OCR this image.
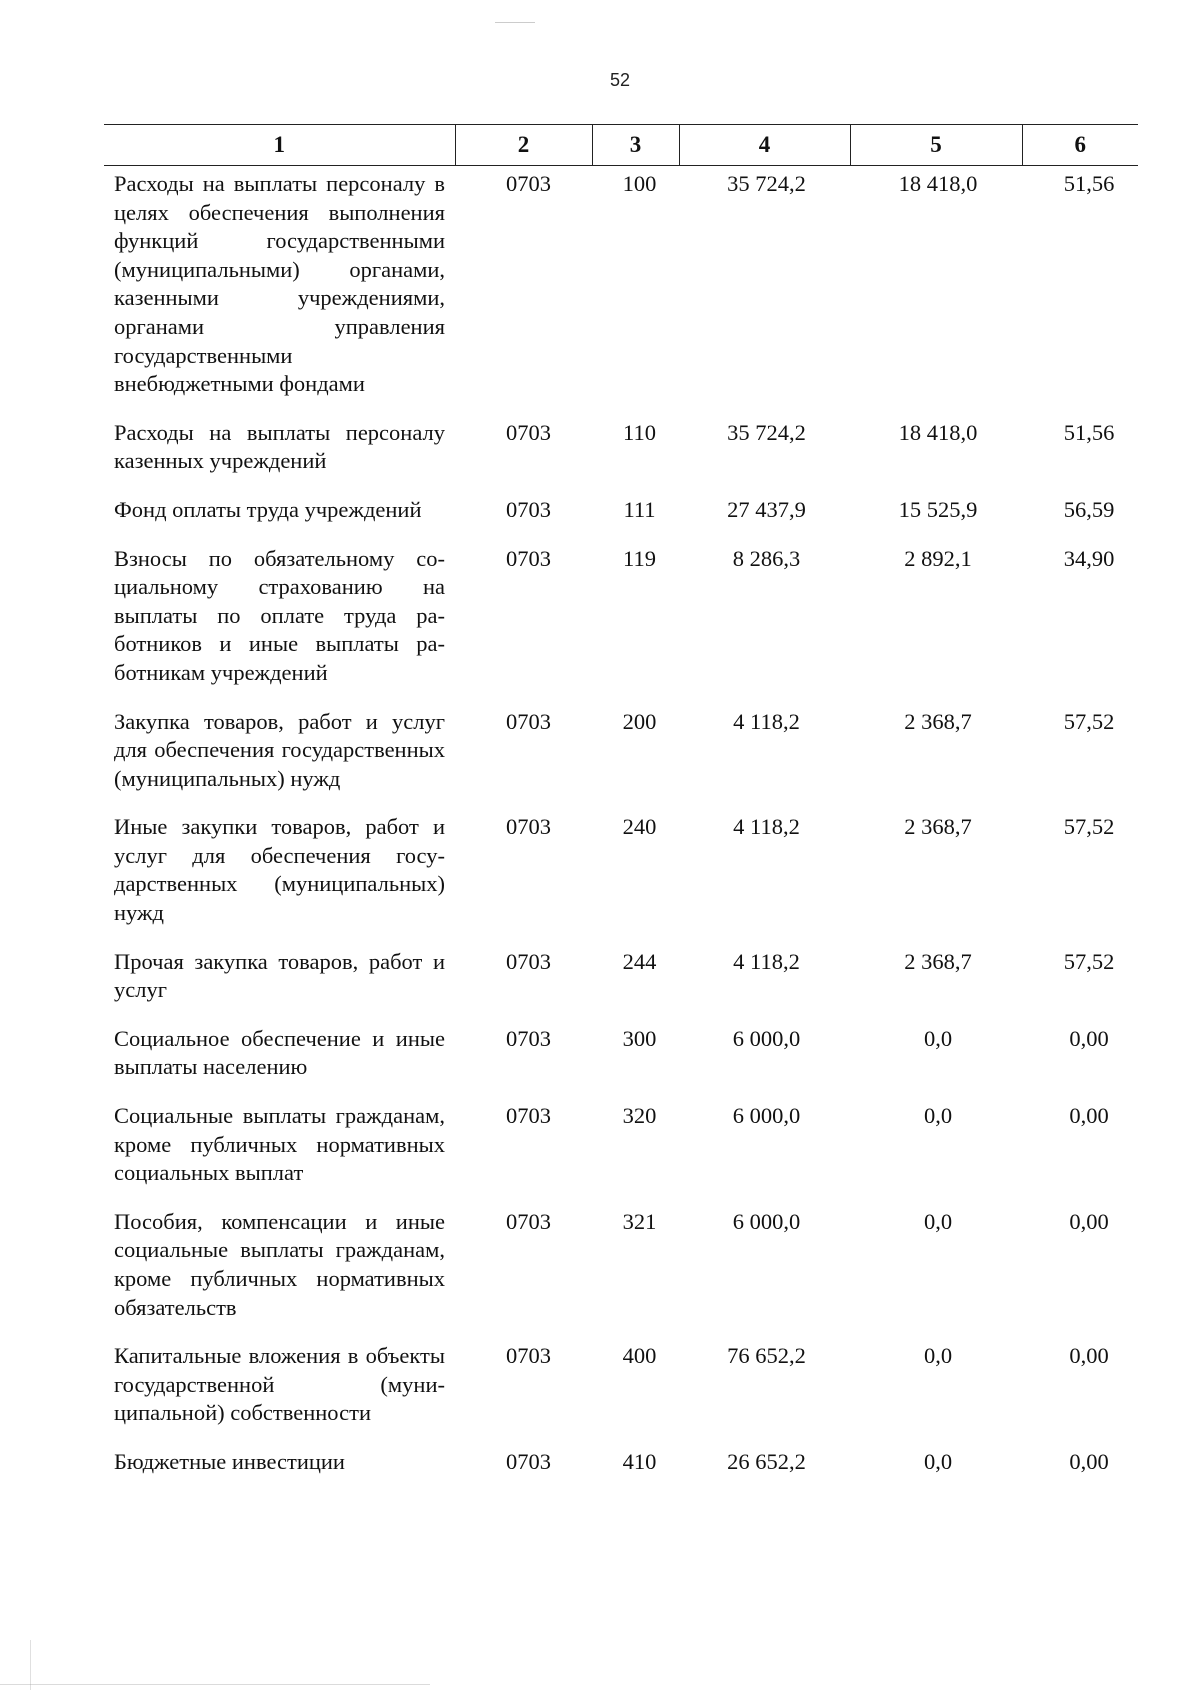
52
1	2	3	4	5	6
Расходы на выплаты персоналу в целях обеспечения выполнения функций государственными (муниципальными) органами, казенными учреждениями, органами управления государственными внебюджетными фондами	0703	100	35 724,2	18 418,0	51,56
Расходы на выплаты персоналу казенных учреждений	0703	110	35 724,2	18 418,0	51,56
Фонд оплаты труда учреждений	0703	111	27 437,9	15 525,9	56,59
Взносы по обязательному социальному страхованию на выплаты по оплате труда работников и иные выплаты работникам учреждений	0703	119	8 286,3	2 892,1	34,90
Закупка товаров, работ и услуг для обеспечения государственных (муниципальных) нужд	0703	200	4 118,2	2 368,7	57,52
Иные закупки товаров, работ и услуг для обеспечения государственных (муниципальных) нужд	0703	240	4 118,2	2 368,7	57,52
Прочая закупка товаров, работ и услуг	0703	244	4 118,2	2 368,7	57,52
Социальное обеспечение и иные выплаты населению	0703	300	6 000,0	0,0	0,00
Социальные выплаты гражданам, кроме публичных нормативных социальных выплат	0703	320	6 000,0	0,0	0,00
Пособия, компенсации и иные социальные выплаты гражданам, кроме публичных нормативных обязательств	0703	321	6 000,0	0,0	0,00
Капитальные вложения в объекты государственной (муниципальной) собственности	0703	400	76 652,2	0,0	0,00
Бюджетные инвестиции	0703	410	26 652,2	0,0	0,00
